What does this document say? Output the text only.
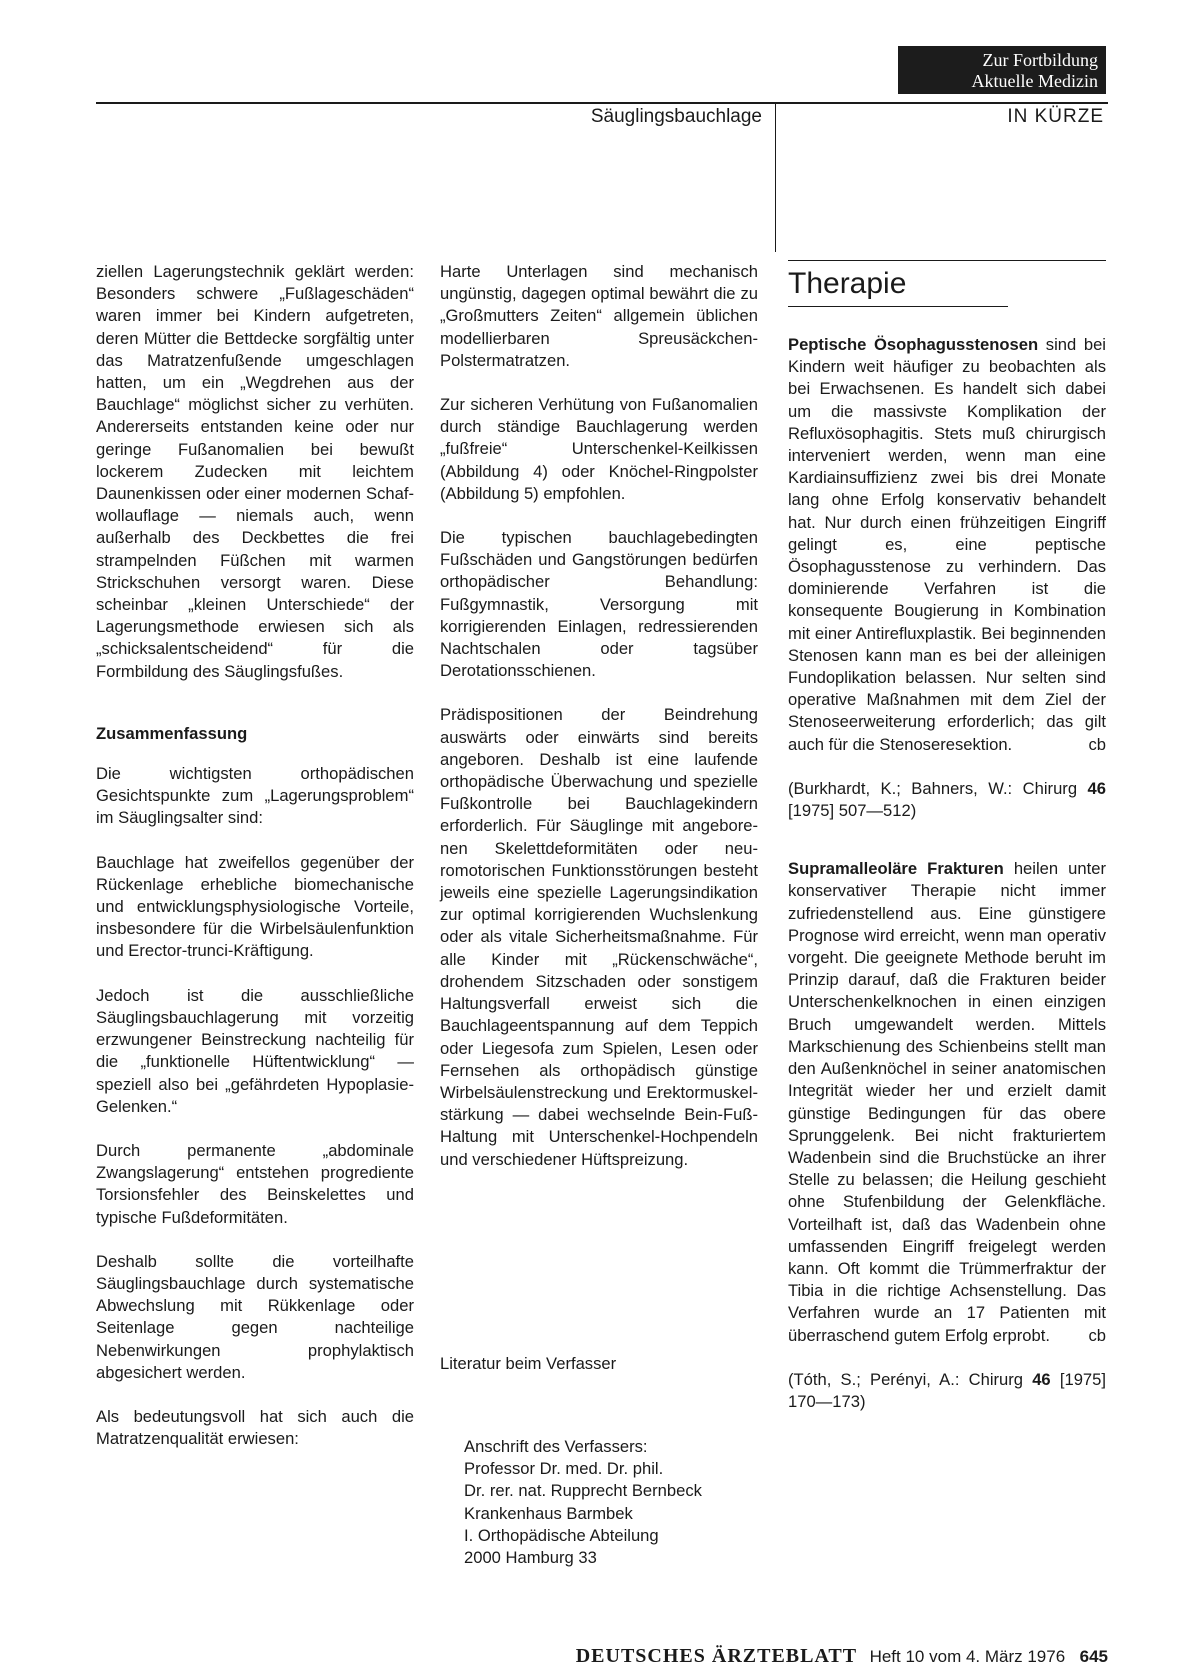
Zur Fortbildung
Aktuelle Medizin
Säuglingsbauchlage	IN KÜRZE

ziellen Lagerungstechnik geklärt werden: Besonders schwere „Fußlageschäden“ waren immer bei Kindern aufgetreten, deren Mütter die Bettdecke sorgfältig unter das Matratzenfußende umgeschlagen hatten, um ein „Wegdrehen aus der Bauchlage“ möglichst sicher zu verhüten. Andererseits entstanden keine oder nur geringe Fußanomalien bei bewußt lockerem Zudecken mit leichtem Daunenkissen oder einer modernen Schafwollauflage — niemals auch, wenn außerhalb des Deckbettes die frei strampelnden Füßchen mit warmen Strickschuhen versorgt waren. Diese scheinbar „kleinen Unterschiede“ der Lagerungsmethode erwiesen sich als „schicksalentscheidend“ für die Formbildung des Säuglingsfußes.

Zusammenfassung

Die wichtigsten orthopädischen Gesichtspunkte zum „Lagerungsproblem“ im Säuglingsalter sind:

Bauchlage hat zweifellos gegenüber der Rückenlage erhebliche biomechanische und entwicklungsphysiologische Vorteile, insbesondere für die Wirbelsäulenfunktion und Erector-trunci-Kräftigung.

Jedoch ist die ausschließliche Säuglingsbauchlagerung mit vorzeitig erzwungener Beinstreckung nachteilig für die „funktionelle Hüftentwicklung“ — speziell also bei „gefährdeten Hypoplasie-Gelenken.“

Durch permanente „abdominale Zwangslagerung“ entstehen progrediente Torsionsfehler des Beinskelettes und typische Fußdeformitäten.

Deshalb sollte die vorteilhafte Säuglingsbauchlage durch systematische Abwechslung mit Rükkenlage oder Seitenlage gegen nachteilige Nebenwirkungen prophylaktisch abgesichert werden.

Als bedeutungsvoll hat sich auch die Matratzenqualität erwiesen:

Harte Unterlagen sind mechanisch ungünstig, dagegen optimal bewährt die zu „Großmutters Zeiten“ allgemein üblichen modellierbaren Spreusäckchen-Polstermatratzen.

Zur sicheren Verhütung von Fußanomalien durch ständige Bauchlagerung werden „fußfreie“ Unterschenkel-Keilkissen (Abbildung 4) oder Knöchel-Ringpolster (Abbildung 5) empfohlen.

Die typischen bauchlagebedingten Fußschäden und Gangstörungen bedürfen orthopädischer Behandlung: Fußgymnastik, Versorgung mit korrigierenden Einlagen, redressierenden Nachtschalen oder tagsüber Derotationsschienen.

Prädispositionen der Beindrehung auswärts oder einwärts sind bereits angeboren. Deshalb ist eine laufende orthopädische Überwachung und spezielle Fußkontrolle bei Bauchlagekindern erforderlich. Für Säuglinge mit angeborenen Skelettdeformitäten oder neuromotorischen Funktionsstörungen besteht jeweils eine spezielle Lagerungsindikation zur optimal korrigierenden Wuchslenkung oder als vitale Sicherheitsmaßnahme. Für alle Kinder mit „Rückenschwäche“, drohendem Sitzschaden oder sonstigem Haltungsverfall erweist sich die Bauchlageentspannung auf dem Teppich oder Liegesofa zum Spielen, Lesen oder Fernsehen als orthopädisch günstige Wirbelsäulenstreckung und Erektormuskelstärkung — dabei wechselnde Bein-Fuß-Haltung mit Unterschenkel-Hochpendeln und verschiedener Hüftspreizung.

Literatur beim Verfasser
Anschrift des Verfassers:
Professor Dr. med. Dr. phil.
Dr. rer. nat. Rupprecht Bernbeck
Krankenhaus Barmbek
I. Orthopädische Abteilung
2000 Hamburg 33
Therapie

Peptische Ösophagusstenosen sind bei Kindern weit häufiger zu beobachten als bei Erwachsenen. Es handelt sich dabei um die massivste Komplikation der Refluxösophagitis. Stets muß chirurgisch interveniert werden, wenn man eine Kardiainsuffizienz zwei bis drei Monate lang ohne Erfolg konservativ behandelt hat. Nur durch einen frühzeitigen Eingriff gelingt es, eine peptische Ösophagusstenose zu verhindern. Das dominierende Verfahren ist die konsequente Bougierung in Kombination mit einer Antirefluxplastik. Bei beginnenden Stenosen kann man es bei der alleinigen Fundoplikation belassen. Nur selten sind operative Maßnahmen mit dem Ziel der Stenoseerweiterung erforderlich; das gilt auch für die Stenoseresektion.	cb

(Burkhardt, K.; Bahners, W.: Chirurg 46 [1975] 507—512)

Supramalleoläre Frakturen heilen unter konservativer Therapie nicht immer zufriedenstellend aus. Eine günstigere Prognose wird erreicht, wenn man operativ vorgeht. Die geeignete Methode beruht im Prinzip darauf, daß die Frakturen beider Unterschenkelknochen in einen einzigen Bruch umgewandelt werden. Mittels Markschienung des Schienbeins stellt man den Außenknöchel in seiner anatomischen Integrität wieder her und erzielt damit günstige Bedingungen für das obere Sprunggelenk. Bei nicht frakturiertem Wadenbein sind die Bruchstücke an ihrer Stelle zu belassen; die Heilung geschieht ohne Stufenbildung der Gelenkfläche. Vorteilhaft ist, daß das Wadenbein ohne umfassenden Eingriff freigelegt werden kann. Oft kommt die Trümmerfraktur der Tibia in die richtige Achsenstellung. Das Verfahren wurde an 17 Patienten mit überraschend gutem Erfolg erprobt. cb

(Tóth, S.; Perényi, A.: Chirurg 46 [1975] 170—173)

DEUTSCHES ÄRZTEBLATT Heft 10 vom 4. März 1976 645
